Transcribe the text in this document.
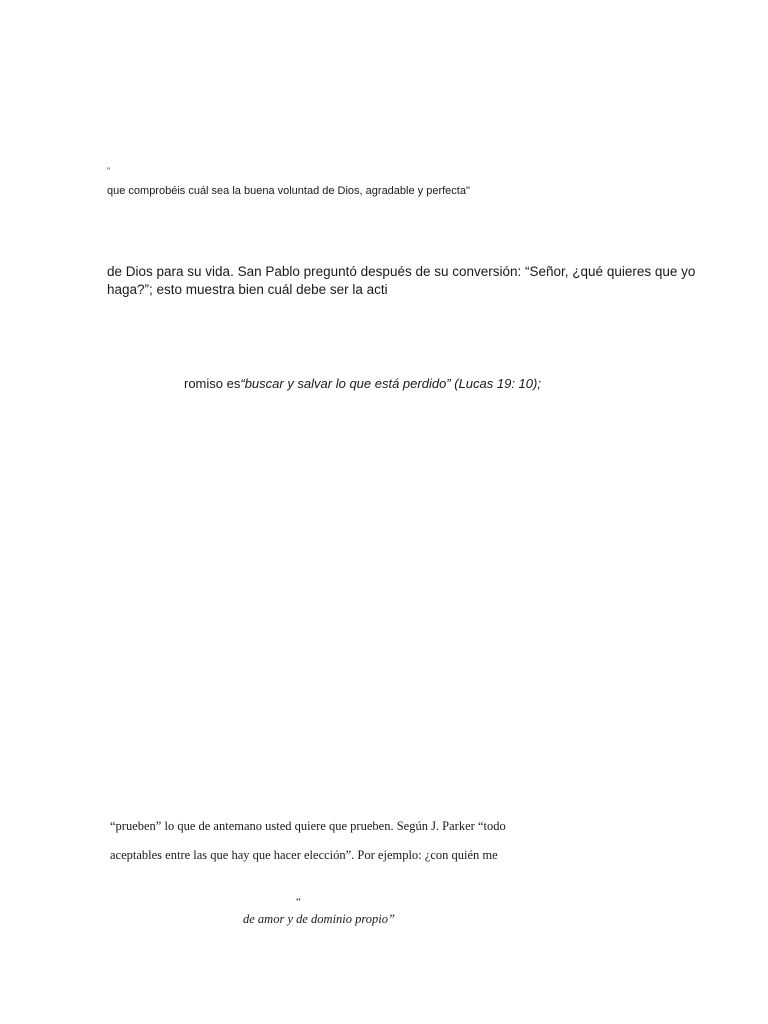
"

que comprobéis cuál sea la buena voluntad de Dios, agradable y perfecta"

de Dios para su vida. San Pablo preguntó después de su conversión: “Señor, ¿qué quieres que yo

haga?”; esto muestra bien cuál debe ser la acti

romiso es“buscar y salvar lo que está perdido” (Lucas 19: 10);

“prueben” lo que de antemano usted quiere que prueben. Según J. Parker “todo

aceptables entre las que hay que hacer elección”. Por ejemplo: ¿con quién me

“

de amor y de dominio propio”
